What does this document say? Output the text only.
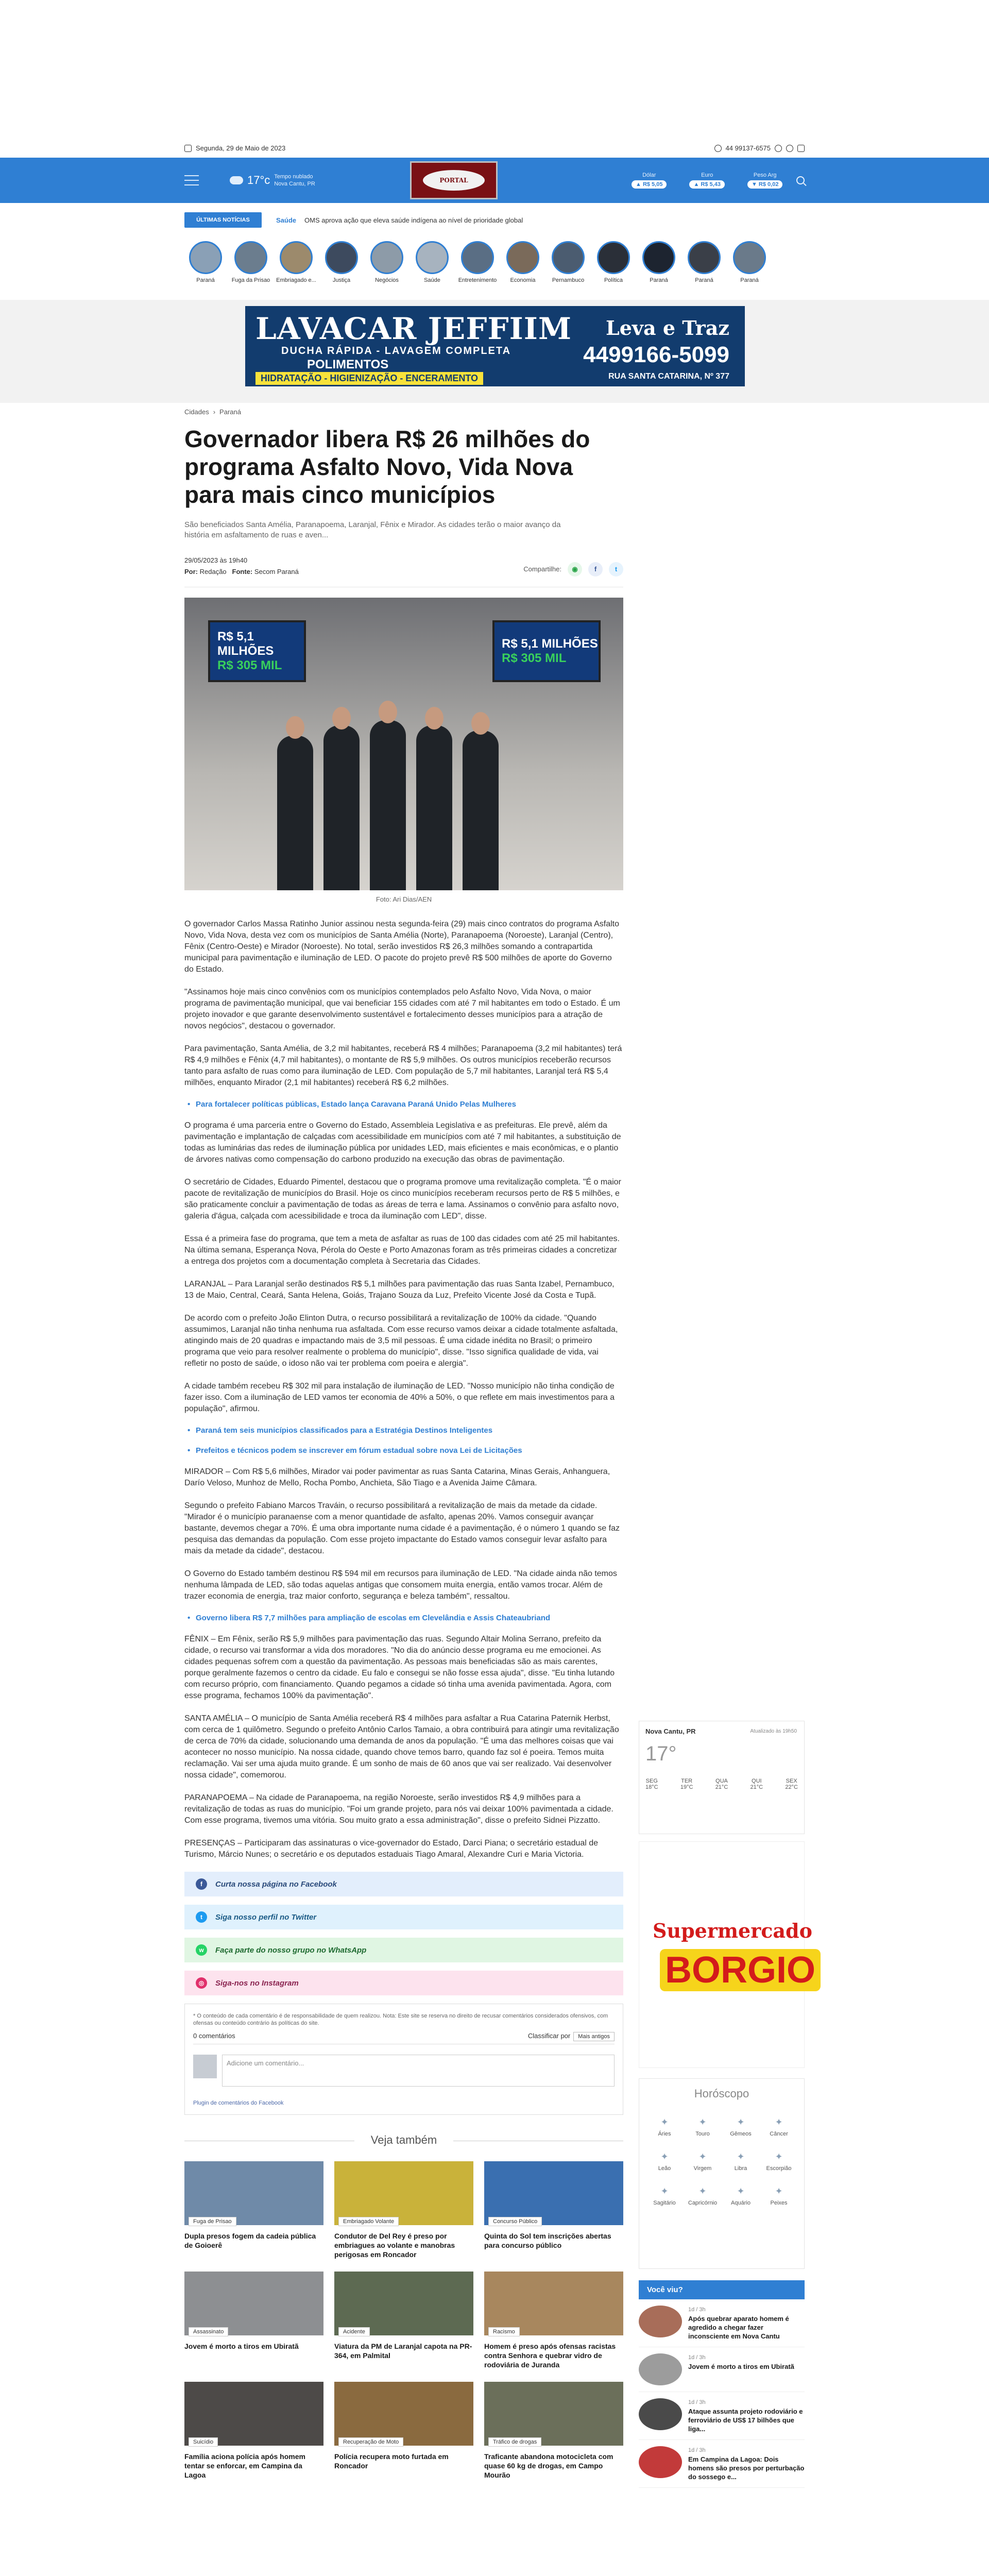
Segunda, 29 de Maio de 2023	44 99137-6575
17°c Tempo nublado
Nova Cantu, PR	PORTAL
Dólar
▲ R$ 5,05
Euro
▲ R$ 5,43
Peso Arg
▼ R$ 0,02
ÚLTIMAS NOTÍCIAS	Saúde OMS aprova ação que eleva saúde indígena ao nível de prioridade global
Paraná	Fuga da Prisao Embriagado e...	Justiça	Negócios	Saúde	Entretenimento Economia	Pernambuco	Política	Paraná	Paraná	Paraná
LAVACAR JEFFIIM
DUCHA RÁPIDA - LAVAGEM COMPLETA
POLIMENTOS
HIDRATAÇÃO - HIGIENIZAÇÃO - ENCERAMENTO
Leva e Traz
4499166-5099
RUA SANTA CATARINA, Nº 377
Cidades › Paraná
Governador libera R$ 26 milhões do programa Asfalto Novo, Vida Nova para mais cinco municípios
São beneficiados Santa Amélia, Paranapoema, Laranjal, Fênix e Mirador. As cidades terão o maior avanço da história em asfaltamento de ruas e aven...
29/05/2023 às 19h40
Por: Redação Fonte: Secom Paraná	Compartilhe:	◉	f	t
R$ 5,1 MILHÕES
R$ 305 MIL
R$ 5,1 MILHÕES
R$ 305 MIL
Foto: Ari Dias/AEN

O governador Carlos Massa Ratinho Junior assinou nesta segunda-feira (29) mais cinco contratos do programa Asfalto Novo, Vida Nova, desta vez com os municípios de Santa Amélia (Norte), Paranapoema (Noroeste), Laranjal (Centro), Fênix (Centro-Oeste) e Mirador (Noroeste). No total, serão investidos R$ 26,3 milhões somando a contrapartida municipal para pavimentação e iluminação de LED. O pacote do projeto prevê R$ 500 milhões de aporte do Governo do Estado.

"Assinamos hoje mais cinco convênios com os municípios contemplados pelo Asfalto Novo, Vida Nova, o maior programa de pavimentação municipal, que vai beneficiar 155 cidades com até 7 mil habitantes em todo o Estado. É um projeto inovador e que garante desenvolvimento sustentável e fortalecimento desses municípios para a atração de novos negócios", destacou o governador.

Para pavimentação, Santa Amélia, de 3,2 mil habitantes, receberá R$ 4 milhões; Paranapoema (3,2 mil habitantes) terá R$ 4,9 milhões e Fênix (4,7 mil habitantes), o montante de R$ 5,9 milhões. Os outros municípios receberão recursos tanto para asfalto de ruas como para iluminação de LED. Com população de 5,7 mil habitantes, Laranjal terá R$ 5,4 milhões, enquanto Mirador (2,1 mil habitantes) receberá R$ 6,2 milhões.

• Para fortalecer políticas públicas, Estado lança Caravana Paraná Unido Pelas Mulheres

O programa é uma parceria entre o Governo do Estado, Assembleia Legislativa e as prefeituras. Ele prevê, além da pavimentação e implantação de calçadas com acessibilidade em municípios com até 7 mil habitantes, a substituição de todas as luminárias das redes de iluminação pública por unidades LED, mais eficientes e mais econômicas, e o plantio de árvores nativas como compensação do carbono produzido na execução das obras de pavimentação.

O secretário de Cidades, Eduardo Pimentel, destacou que o programa promove uma revitalização completa. "É o maior pacote de revitalização de municípios do Brasil. Hoje os cinco municípios receberam recursos perto de R$ 5 milhões, e são praticamente concluir a pavimentação de todas as áreas de terra e lama. Assinamos o convênio para asfalto novo, galeria d'água, calçada com acessibilidade e troca da iluminação com LED", disse.

Essa é a primeira fase do programa, que tem a meta de asfaltar as ruas de 100 das cidades com até 25 mil habitantes. Na última semana, Esperança Nova, Pérola do Oeste e Porto Amazonas foram as três primeiras cidades a concretizar a entrega dos projetos com a documentação completa à Secretaria das Cidades.

LARANJAL – Para Laranjal serão destinados R$ 5,1 milhões para pavimentação das ruas Santa Izabel, Pernambuco, 13 de Maio, Central, Ceará, Santa Helena, Goiás, Trajano Souza da Luz, Prefeito Vicente José da Costa e Tupã.

De acordo com o prefeito João Elinton Dutra, o recurso possibilitará a revitalização de 100% da cidade. "Quando assumimos, Laranjal não tinha nenhuma rua asfaltada. Com esse recurso vamos deixar a cidade totalmente asfaltada, atingindo mais de 20 quadras e impactando mais de 3,5 mil pessoas. É uma cidade inédita no Brasil; o primeiro programa que veio para resolver realmente o problema do município", disse. "Isso significa qualidade de vida, vai refletir no posto de saúde, o idoso não vai ter problema com poeira e alergia".

A cidade também recebeu R$ 302 mil para instalação de iluminação de LED. "Nosso município não tinha condição de fazer isso. Com a iluminação de LED vamos ter economia de 40% a 50%, o que reflete em mais investimentos para a população", afirmou.

• Paraná tem seis municípios classificados para a Estratégia Destinos Inteligentes
• Prefeitos e técnicos podem se inscrever em fórum estadual sobre nova Lei de Licitações

MIRADOR – Com R$ 5,6 milhões, Mirador vai poder pavimentar as ruas Santa Catarina, Minas Gerais, Anhanguera, Darío Veloso, Munhoz de Mello, Rocha Pombo, Anchieta, São Tiago e a Avenida Jaime Câmara.

Segundo o prefeito Fabiano Marcos Traváin, o recurso possibilitará a revitalização de mais da metade da cidade. "Mirador é o município paranaense com a menor quantidade de asfalto, apenas 20%. Vamos conseguir avançar bastante, devemos chegar a 70%. É uma obra importante numa cidade é a pavimentação, é o número 1 quando se faz pesquisa das demandas da população. Com esse projeto impactante do Estado vamos conseguir levar asfalto para mais da metade da cidade", destacou.

O Governo do Estado também destinou R$ 594 mil em recursos para iluminação de LED. "Na cidade ainda não temos nenhuma lâmpada de LED, são todas aquelas antigas que consomem muita energia, então vamos trocar. Além de trazer economia de energia, traz maior conforto, segurança e beleza também", ressaltou.

• Governo libera R$ 7,7 milhões para ampliação de escolas em Clevelândia e Assis Chateaubriand

FÊNIX – Em Fênix, serão R$ 5,9 milhões para pavimentação das ruas. Segundo Altair Molina Serrano, prefeito da cidade, o recurso vai transformar a vida dos moradores. "No dia do anúncio desse programa eu me emocionei. As cidades pequenas sofrem com a questão da pavimentação. As pessoas mais beneficiadas são as mais carentes, porque geralmente fazemos o centro da cidade. Eu falo e consegui se não fosse essa ajuda", disse. "Eu tinha lutando com recurso próprio, com financiamento. Quando pegamos a cidade só tinha uma avenida pavimentada. Agora, com esse programa, fechamos 100% da pavimentação".

SANTA AMÉLIA – O município de Santa Amélia receberá R$ 4 milhões para asfaltar a Rua Catarina Paternik Herbst, com cerca de 1 quilômetro. Segundo o prefeito Antônio Carlos Tamaio, a obra contribuirá para atingir uma revitalização de cerca de 70% da cidade, solucionando uma demanda de anos da população. "É uma das melhores coisas que vai acontecer no nosso município. Na nossa cidade, quando chove temos barro, quando faz sol é poeira. Temos muita reclamação. Vai ser uma ajuda muito grande. É um sonho de mais de 60 anos que vai ser realizado. Vai desenvolver nossa cidade", comemorou.

PARANAPOEMA – Na cidade de Paranapoema, na região Noroeste, serão investidos R$ 4,9 milhões para a revitalização de todas as ruas do município. "Foi um grande projeto, para nós vai deixar 100% pavimentada a cidade. Com esse programa, tivemos uma vitória. Sou muito grato a essa administração", disse o prefeito Sidnei Pizzatto.

PRESENÇAS – Participaram das assinaturas o vice-governador do Estado, Darci Piana; o secretário estadual de Turismo, Márcio Nunes; o secretário e os deputados estaduais Tiago Amaral, Alexandre Curi e Maria Victoria.

f	Curta nossa página no Facebook
t	Siga nosso perfil no Twitter
w	Faça parte do nosso grupo no WhatsApp
◎	Siga-nos no Instagram
* O conteúdo de cada comentário é de responsabilidade de quem realizou. Nota: Este site se reserva no direito de recusar comentários considerados ofensivos, com ofensas ou conteúdo contrário às políticas do site.
0 comentários	Classificar por Mais antigos
Adicione um comentário...
Plugin de comentários do Facebook
Veja também
Fuga de Prisao
Dupla presos fogem da cadeia pública de Goioerê
Embriagado Volante
Condutor de Del Rey é preso por embriagues ao volante e manobras perigosas em Roncador
Concurso Público
Quinta do Sol tem inscrições abertas para concurso público
Assassinato
Jovem é morto a tiros em Ubiratã
Acidente
Viatura da PM de Laranjal capota na PR-364, em Palmital
Racismo
Homem é preso após ofensas racistas contra Senhora e quebrar vidro de rodoviária de Juranda
Suicídio
Família aciona polícia após homem tentar se enforcar, em Campina da Lagoa
Recuperação de Moto
Polícia recupera moto furtada em Roncador
Tráfico de drogas
Traficante abandona motocicleta com quase 60 kg de drogas, em Campo Mourão
Nova Cantu, PR	Atualizado às 19h50
17°
SEG
18°C
TER
19°C
QUA
21°C
QUI
21°C
SEX
22°C
Supermercado
BORGIO
Horóscopo
✦ Áries	✦ Touro	✦ Gêmeos	✦ Câncer
✦ Leão	✦ Virgem	✦ Libra	✦ Escorpião
✦ Sagitário	✦ Capricórnio	✦ Aquário	✦ Peixes
Você viu?
1d / 3h
Após quebrar aparato homem é agredido a chegar fazer inconsciente em Nova Cantu
1d / 3h
Jovem é morto a tiros em Ubiratã
1d / 3h
Ataque assunta projeto rodoviário e ferroviário de US$ 17 bilhões que liga...
1d / 3h
Em Campina da Lagoa: Dois homens são presos por perturbação do sossego e...
